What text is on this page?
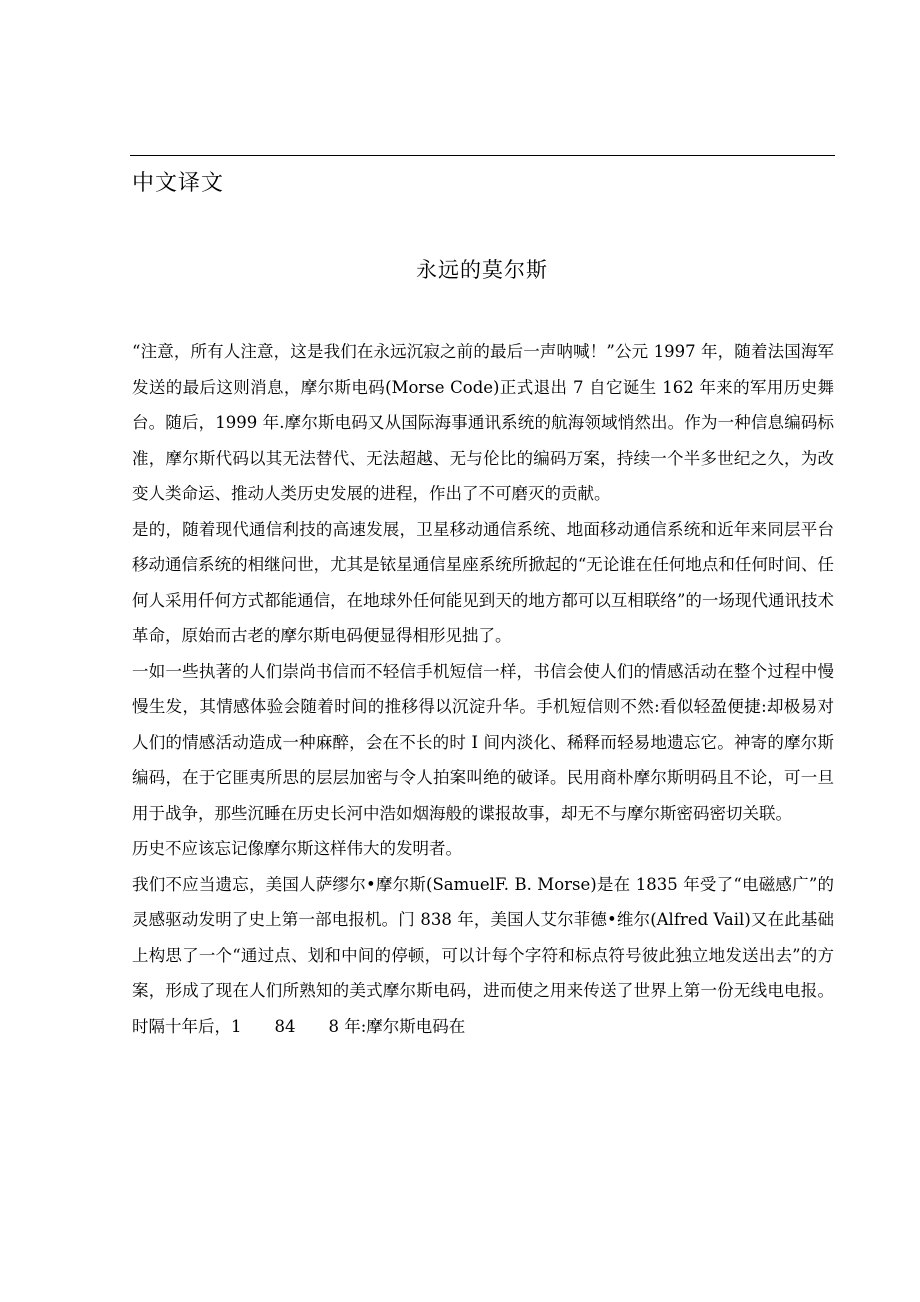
中文译文
永远的莫尔斯

“注意，所有人注意，这是我们在永远沉寂之前的最后一声呐喊！”公元 1997 年，随着法国海军发送的最后这则消息，摩尔斯电码(Morse Code)正式退出 7 自它诞生 162 年来的军用历史舞台。随后，1999 年.摩尔斯电码又从国际海事通讯系统的航海领域悄然出。作为一种信息编码标准，摩尔斯代码以其无法替代、无法超越、无与伦比的编码万案，持续一个半多世纪之久，为改变人类命运、推动人类历史发展的进程，作出了不可磨灭的贡献。

是的，随着现代通信利技的高速发展，卫星移动通信系统、地面移动通信系统和近年来同层平台移动通信系统的相继问世，尤其是铱星通信星座系统所掀起的“无论谁在任何地点和任何时间、任何人采用仟何方式都能通信，在地球外任何能见到天的地方都可以互相联络”的一场现代通讯技术革命，原始而古老的摩尔斯电码便显得相形见拙了。

一如一些执著的人们崇尚书信而不轻信手机短信一样，书信会使人们的情感活动在整个过程中慢慢生发，其情感体验会随着时间的推移得以沉淀升华。手机短信则不然:看似轻盈便捷:却极易对人们的情感活动造成一种麻醉，会在不长的时 I 间内淡化、稀释而轻易地遗忘它。神寄的摩尔斯编码，在于它匪夷所思的层层加密与令人拍案叫绝的破译。民用商朴摩尔斯明码且不论，可一旦用于战争，那些沉睡在历史长河中浩如烟海般的谍报故事，却无不与摩尔斯密码密切关联。

历史不应该忘记像摩尔斯这样伟大的发明者。

我们不应当遗忘，美国人萨缪尔•摩尔斯(SamuelF. B. Morse)是在 1835 年受了“电磁感广”的灵感驱动发明了史上第一部电报机。门 838 年，美国人艾尔菲德•维尔(Alfred Vail)又在此基础上构思了一个“通过点、划和中间的停顿，可以计每个字符和标点符号彼此独立地发送出去”的方案，形成了现在人们所熟知的美式摩尔斯电码，进而使之用来传送了世界上第一份无线电电报。时隔十年后，1　　84　　8 年:摩尔斯电码在
